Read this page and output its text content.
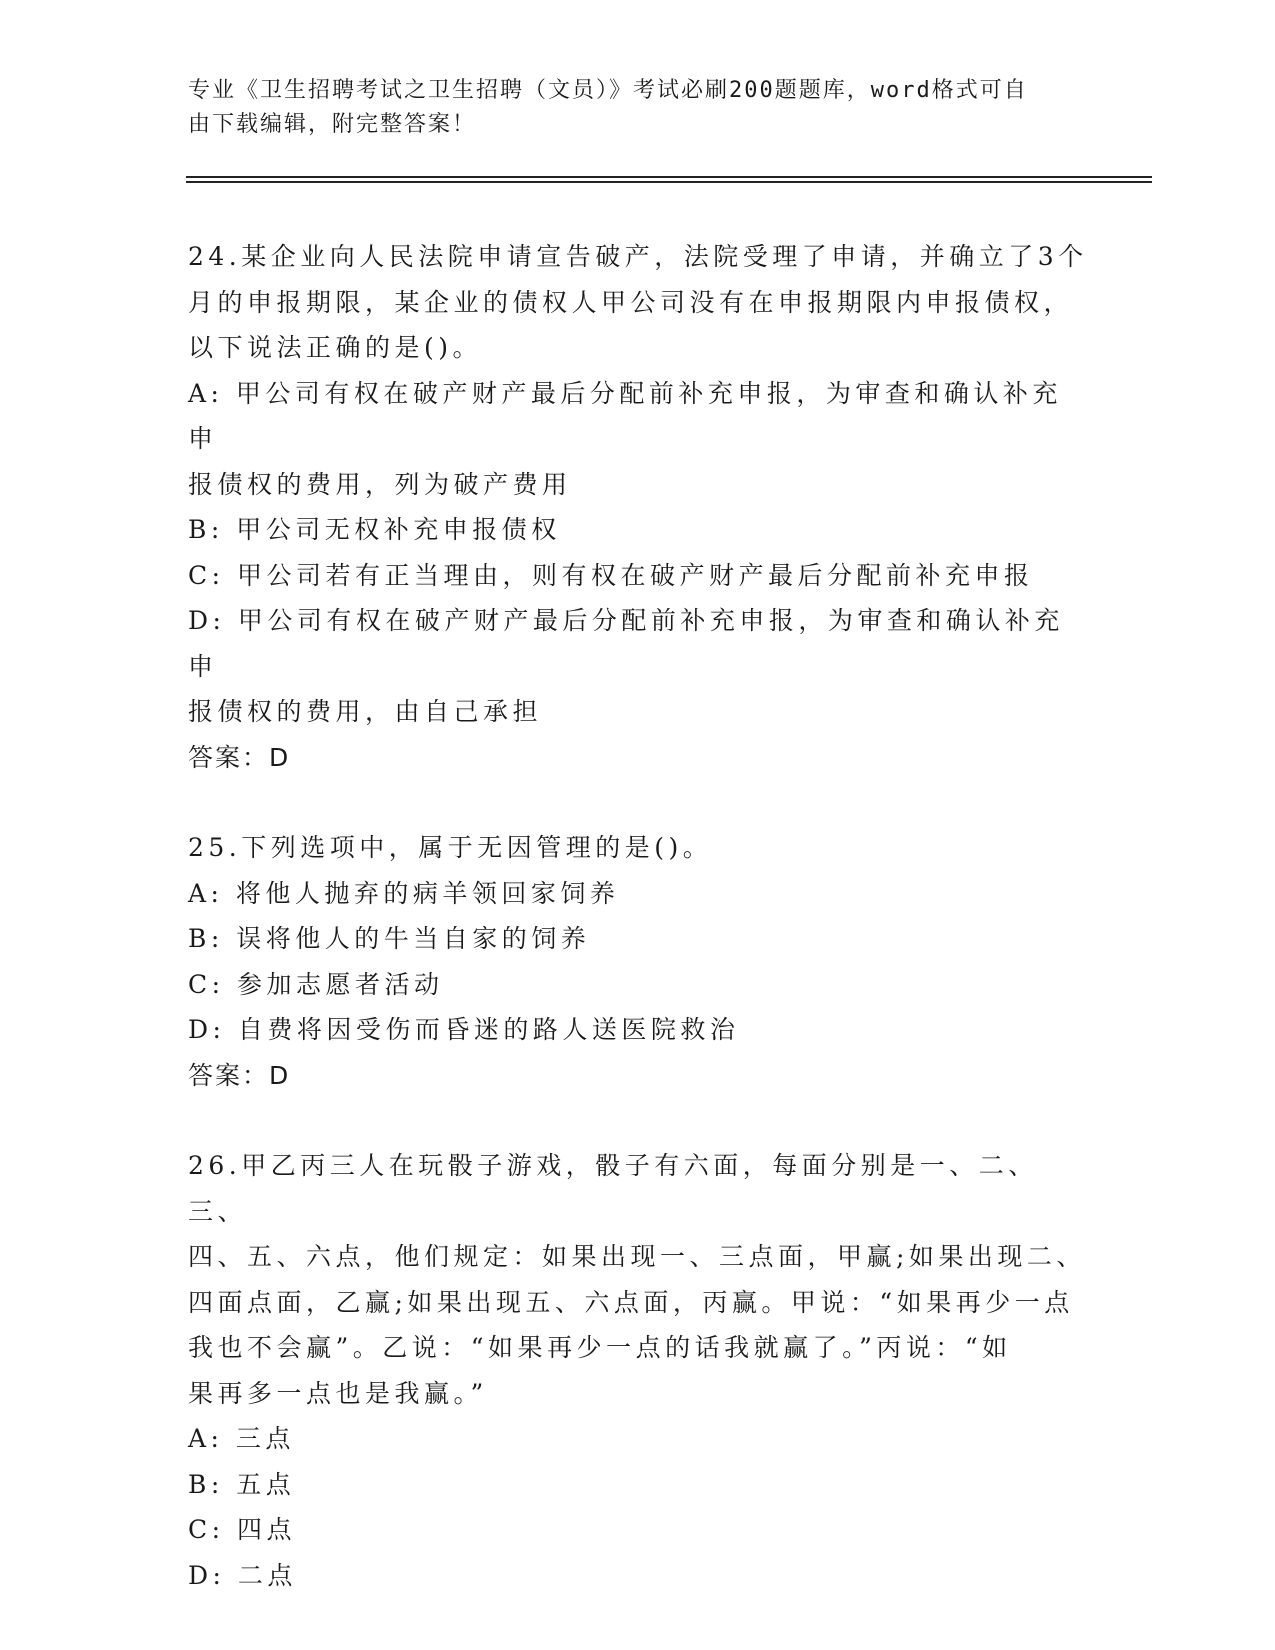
专业《卫生招聘考试之卫生招聘（文员）》考试必刷200题题库，word格式可自
由下载编辑，附完整答案！

24.某企业向人民法院申请宣告破产，法院受理了申请，并确立了3个

月的申报期限，某企业的债权人甲公司没有在申报期限内申报债权，

以下说法正确的是()。

A: 甲公司有权在破产财产最后分配前补充申报，为审查和确认补充申

报债权的费用，列为破产费用

B: 甲公司无权补充申报债权

C: 甲公司若有正当理由，则有权在破产财产最后分配前补充申报

D: 甲公司有权在破产财产最后分配前补充申报，为审查和确认补充申

报债权的费用，由自己承担

答案：D

25.下列选项中，属于无因管理的是()。

A: 将他人抛弃的病羊领回家饲养

B: 误将他人的牛当自家的饲养

C: 参加志愿者活动

D: 自费将因受伤而昏迷的路人送医院救治

答案：D

26.甲乙丙三人在玩骰子游戏，骰子有六面，每面分别是一、二、三、

四、五、六点，他们规定：如果出现一、三点面，甲赢;如果出现二、

四面点面，乙赢;如果出现五、六点面，丙赢。甲说：“如果再少一点

我也不会赢”。乙说：“如果再少一点的话我就赢了。”丙说：“如

果再多一点也是我赢。”

A: 三点

B: 五点

C: 四点

D: 二点
